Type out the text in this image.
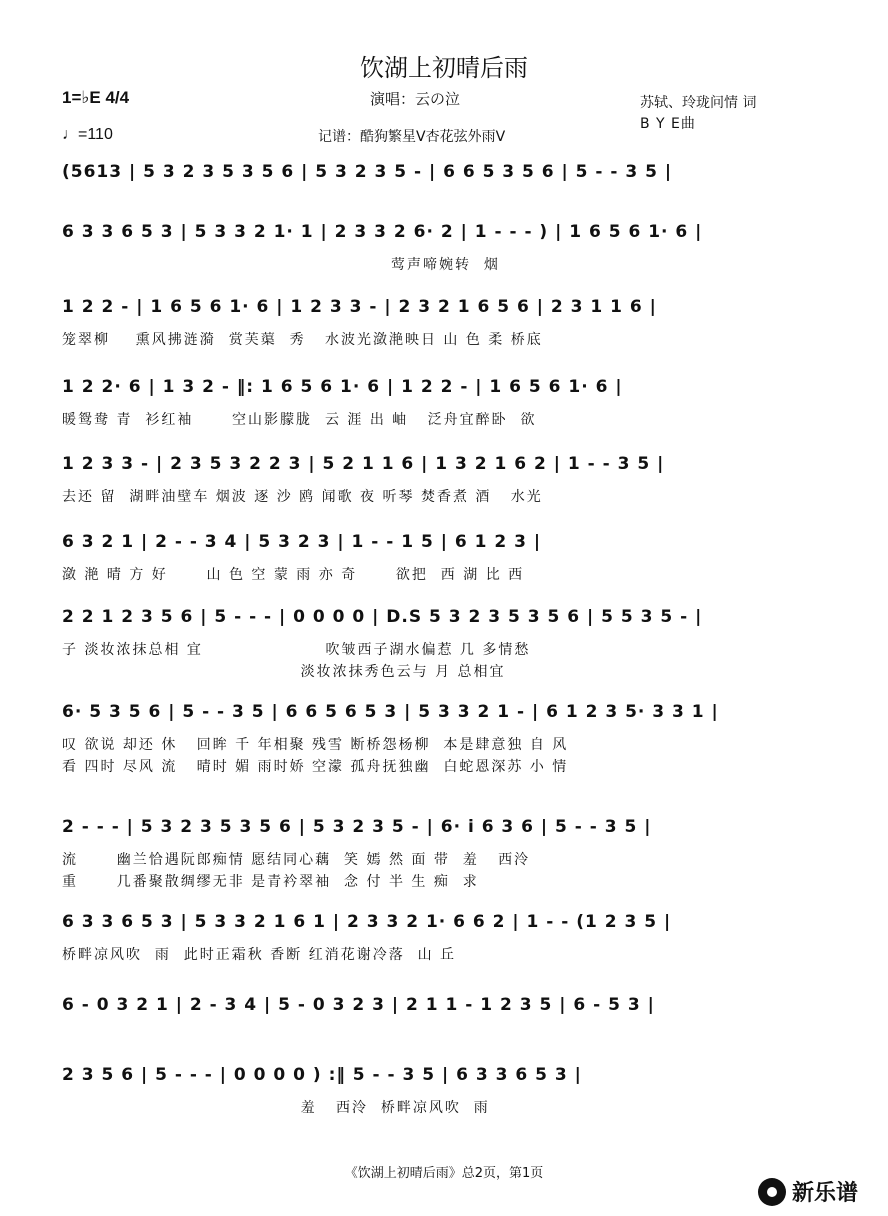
饮湖上初晴后雨
1=♭E 4/4
♩=110
演唱：云の泣
记谱：酷狗繁星V杏花弦外雨V
苏轼、玲珑问情 词
B Y E曲
(5613 | 5 3 2 3 5 3 5 6 | 5 3 2 3 5 - | 6 6 5 3 5 6 | 5 - - 3 5 |
6 3 3 6 5 3 | 5 3 3 2 1· 1 | 2 3 3 2 6· 2 | 1 - - - ) | 1 6 5 6 1· 6 |
莺声啼婉转  烟
1 2 2 - | 1 6 5 6 1· 6 | 1 2 3 3 - | 2 3 2 1 6 5 6 | 2 3 1 1 6 |
笼翠柳    熏风拂涟漪  赏芙蕖  秀   水波光潋滟映日 山 色 柔 桥底
1 2 2· 6 | 1 3 2 - ‖: 1 6 5 6 1· 6 | 1 2 2 - | 1 6 5 6 1· 6 |
暖鸳鸯 青  衫红袖      空山影朦胧  云 涯 出 岫   泛舟宜醉卧  欲
1 2 3 3 - | 2 3 5 3 2 2 3 | 5 2 1 1 6 | 1 3 2 1 6 2 | 1 - - 3 5 |
去还 留  湖畔油壁车 烟波 逐 沙 鸥 闻歌 夜 听琴 焚香煮 酒   水光
6 3 2 1 | 2 - - 3 4 | 5 3 2 3 | 1 - - 1 5 | 6 1 2 3 |
潋 滟 晴 方 好      山 色 空 蒙 雨 亦 奇      欲把  西 湖 比 西
2 2 1 2 3 5 6 | 5 - - - | 0 0 0 0 | D.S 5 3 2 3 5 3 5 6 | 5 5 3 5 - |
子 淡妆浓抹总相 宜                   吹皱西子湖水偏惹 几 多情愁
淡妆浓抹秀色云与 月 总相宜
6· 5 3 5 6 | 5 - - 3 5 | 6 6 5 6 5 3 | 5 3 3 2 1 - | 6 1 2 3 5· 3 3 1 |
叹 欲说 却还 休   回眸 千 年相聚 残雪 断桥怨杨柳  本是肆意独 自 风
看 四时 尽风 流   晴时 媚 雨时娇 空濛 孤舟抚独幽  白蛇恩深苏 小 情
2 - - - | 5 3 2 3 5 3 5 6 | 5 3 2 3 5 - | 6· i 6 3 6 | 5 - - 3 5 |
流      幽兰恰遇阮郎痴情 愿结同心藕  笑 嫣 然 面 带  羞   西泠
重      几番聚散绸缪无非 是青衿翠袖  念 付 半 生 痴  求
6 3 3 6 5 3 | 5 3 3 2 1 6 1 | 2 3 3 2 1· 6 6 2 | 1 - - (1 2 3 5 |
桥畔凉风吹  雨  此时正霜秋 香断 红消花谢冷落  山 丘
6 - 0 3 2 1 | 2 - 3 4 | 5 - 0 3 2 3 | 2 1 1 - 1 2 3 5 | 6 - 5 3 |
2 3 5 6 | 5 - - - | 0 0 0 0 ) :‖ 5 - - 3 5 | 6 3 3 6 5 3 |
羞   西泠  桥畔凉风吹  雨
《饮湖上初晴后雨》总2页，第1页
新乐谱
